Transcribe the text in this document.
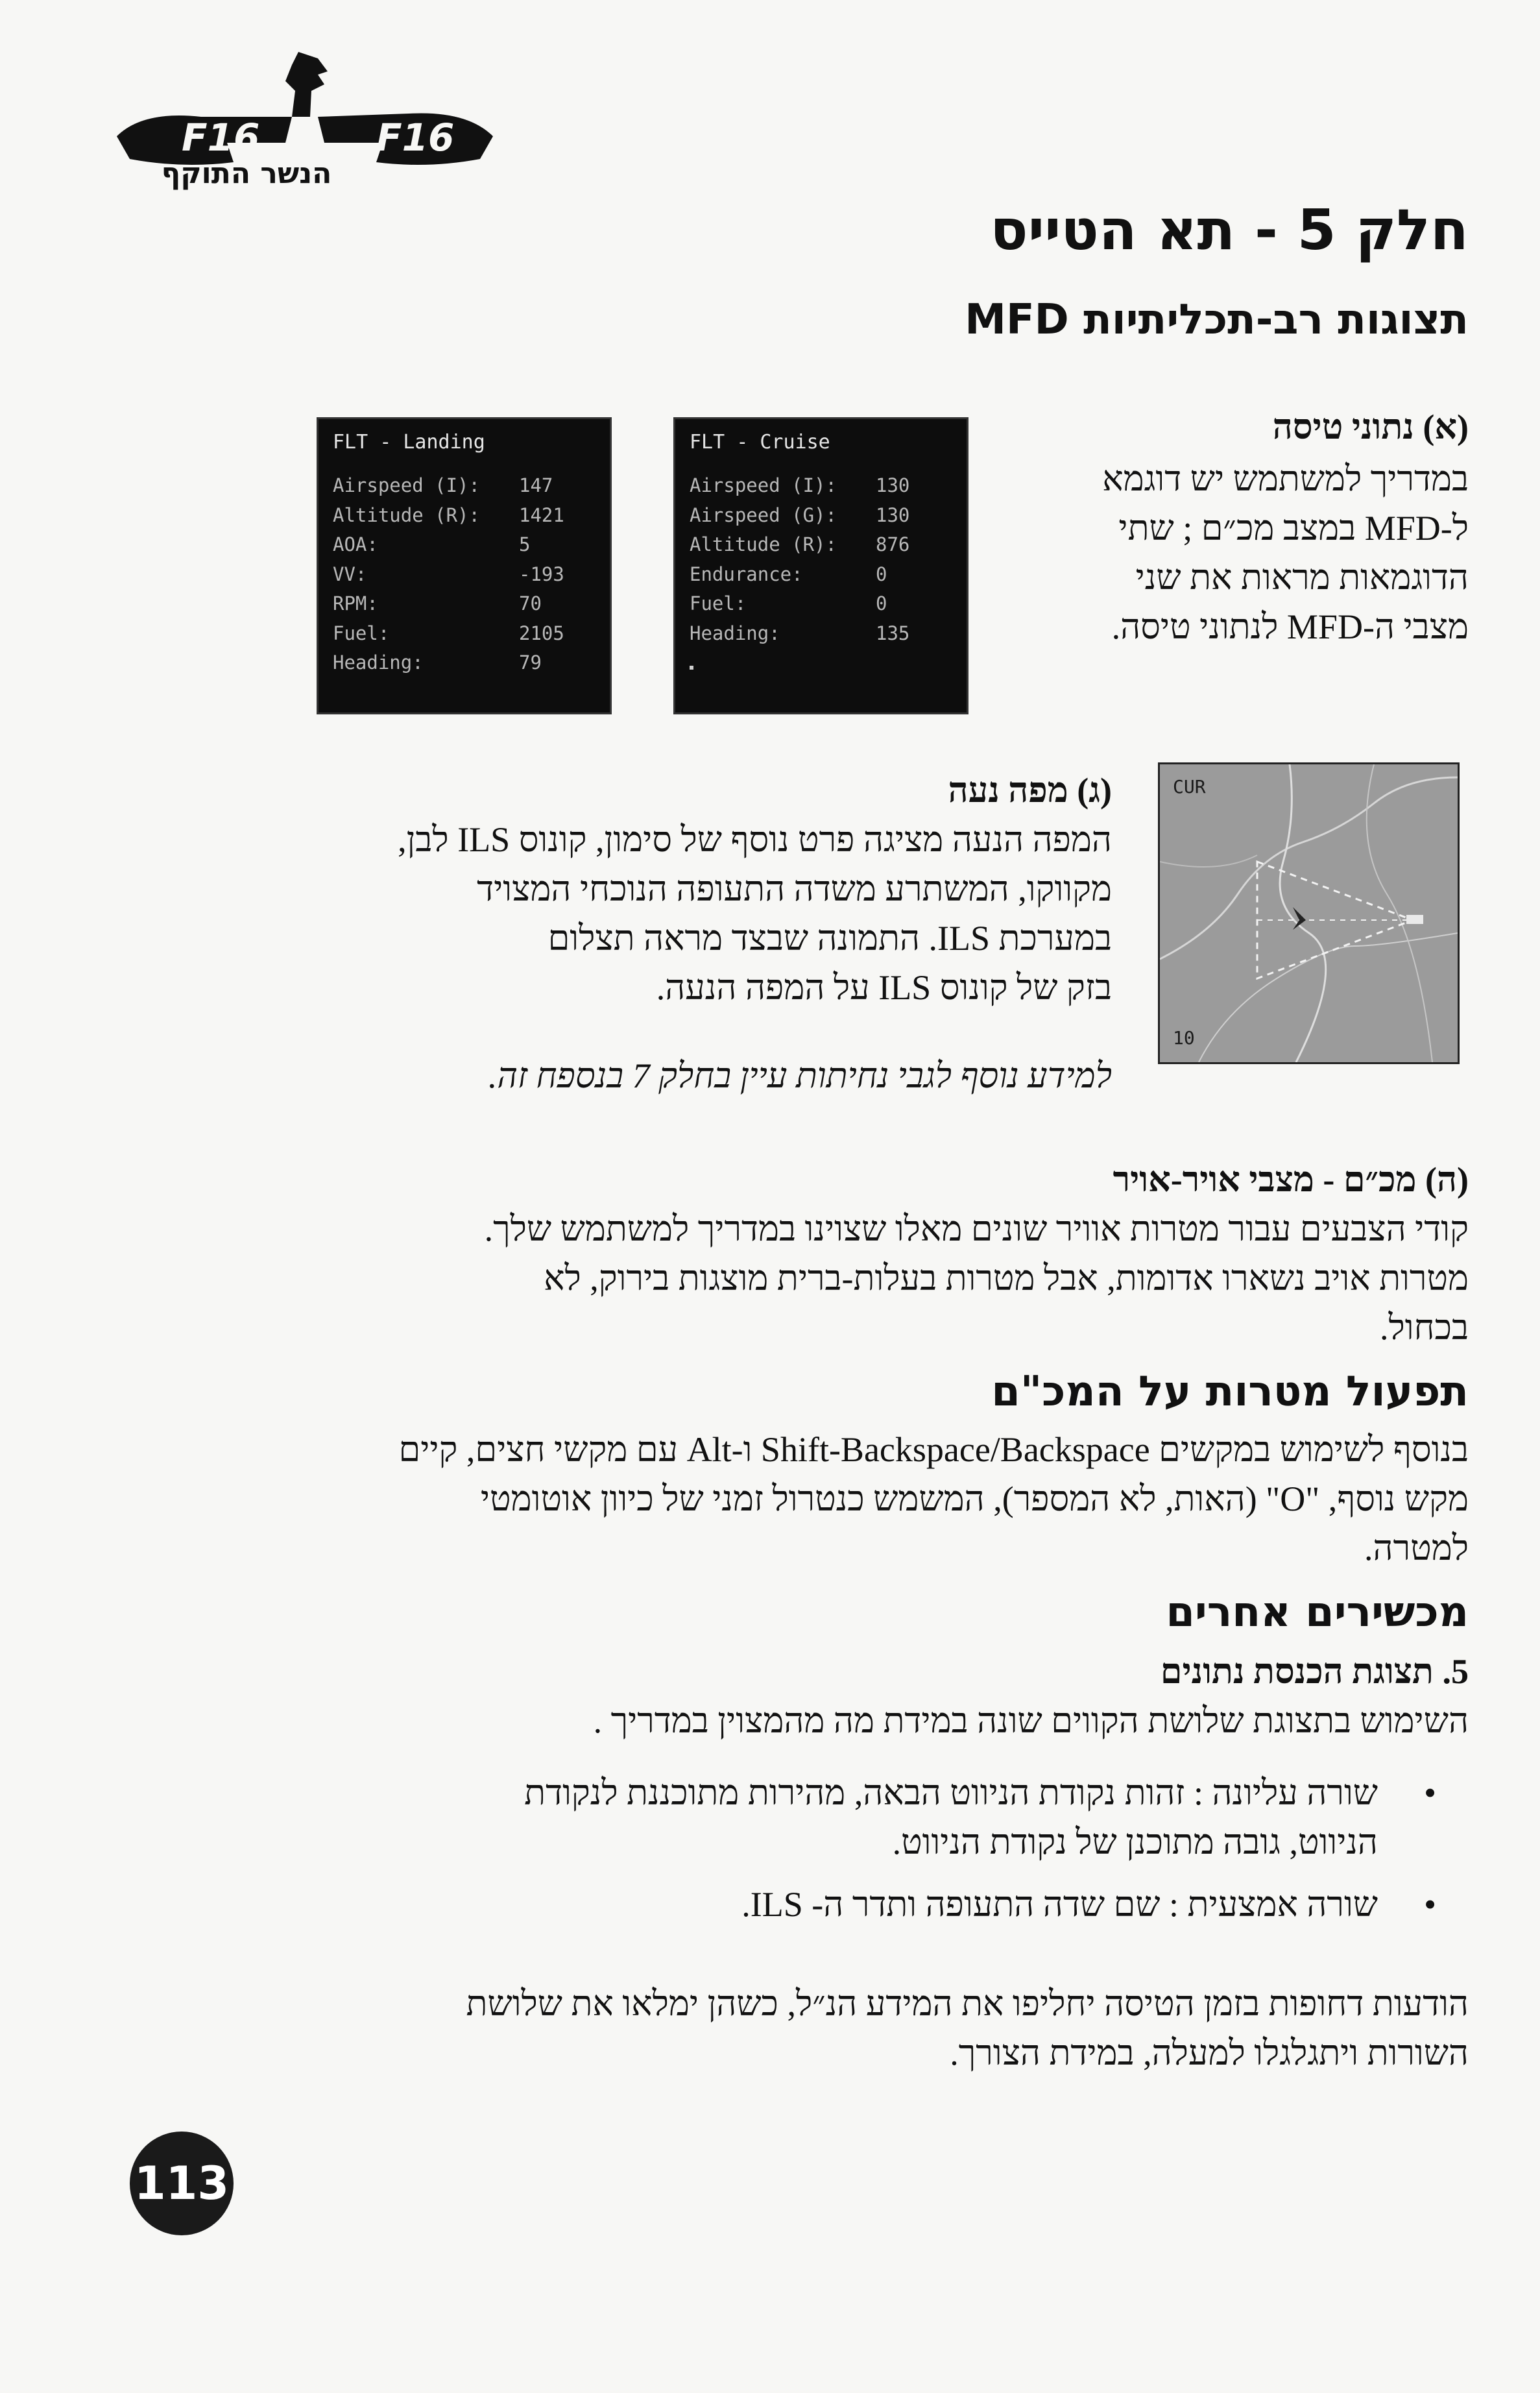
F16	F16
הנשר התוקף
חלק 5 - תא הטייס
תצוגות רב-תכליתיות MFD
(א) נתוני טיסה
במדריך למשתמש יש דוגמא
ל-MFD במצב מכ״ם ; שתי
הדוגמאות מראות את שני
מצבי ה-MFD לנתוני טיסה.
FLT - Landing
Airspeed (I): 147
Altitude (R): 1421
AOA:	5
VV:	-193
RPM:	70
Fuel:	2105
Heading:	79
FLT - Cruise
Airspeed (I): 130
Airspeed (G): 130
Altitude (R): 876
Endurance:	0
Fuel:	0
Heading:	135
(ג) מפה נעה
המפה הנעה מציגה פרט נוסף של סימון, קונוס ILS לבן,
מקווקו, המשתרע משדה התעופה הנוכחי המצויד
במערכת ILS. התמונה שבצד מראה תצלום
בזק של קונוס ILS על המפה הנעה.
למידע נוסף לגבי נחיתות עיין בחלק 7 בנספח זה.
CUR
10
(ה) מכ״ם - מצבי אויר-אויר
קודי הצבעים עבור מטרות אוויר שונים מאלו שצוינו במדריך למשתמש שלך.
מטרות אויב נשארו אדומות, אבל מטרות בעלות-ברית מוצגות בירוק, לא
בכחול.
תפעול מטרות על המכ"ם
בנוסף לשימוש במקשים Shift-Backspace/Backspace ו-Alt עם מקשי חצים, קיים
מקש נוסף, "O" (האות, לא המספר), המשמש כנטרול זמני של כיוון אוטומטי
למטרה.
מכשירים אחרים
5. תצוגת הכנסת נתונים
השימוש בתצוגת שלושת הקווים שונה במידת מה מהמצוין במדריך .
•
שורה עליונה : זהות נקודת הניווט הבאה, מהירות מתוכננת לנקודת
הניווט, גובה מתוכנן של נקודת הניווט.
•
שורה אמצעית : שם שדה התעופה ותדר ה- ILS.
הודעות דחופות בזמן הטיסה יחליפו את המידע הנ״ל, כשהן ימלאו את שלושת
השורות ויתגלגלו למעלה, במידת הצורך.
113
